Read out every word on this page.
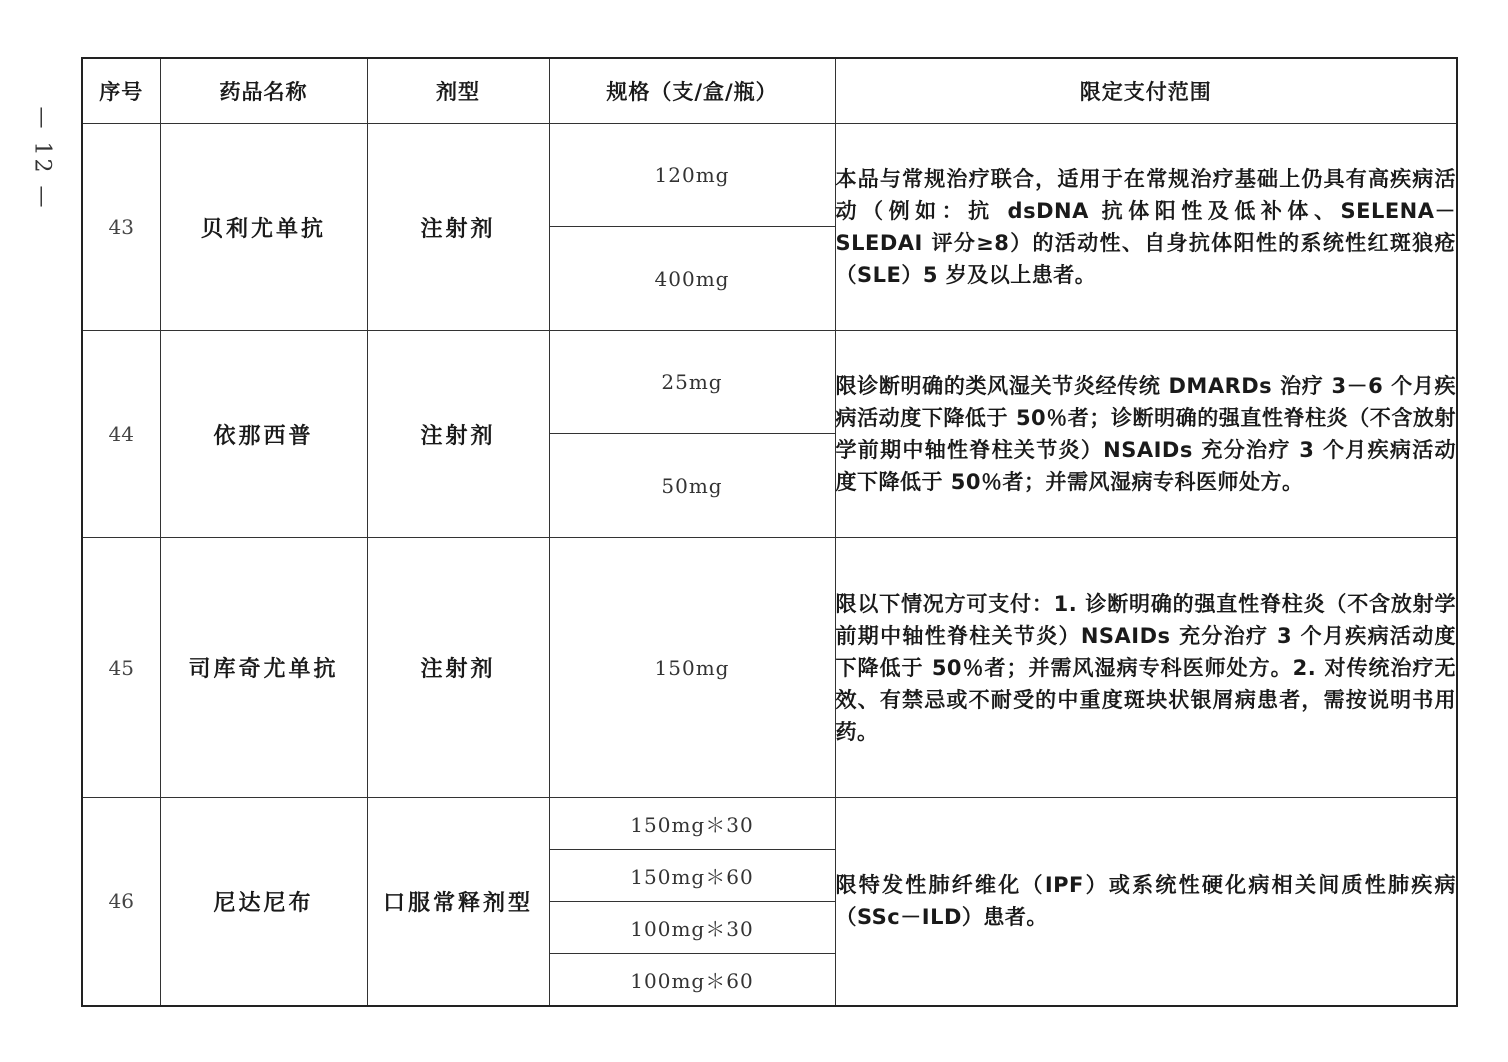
— 12 —
序号	药品名称	剂型	规格（支/盒/瓶）	限定支付范围
43	贝利尤单抗	注射剂	120mg	本品与常规治疗联合，适用于在常规治疗基础上仍具有高疾病活动（例如：抗 dsDNA 抗体阳性及低补体、SELENA－SLEDAI 评分≥8）的活动性、自身抗体阳性的系统性红斑狼疮（SLE）5 岁及以上患者。
			400mg	
44	依那西普	注射剂	25mg	限诊断明确的类风湿关节炎经传统 DMARDs 治疗 3－6 个月疾病活动度下降低于 50％者；诊断明确的强直性脊柱炎（不含放射学前期中轴性脊柱关节炎）NSAIDs 充分治疗 3 个月疾病活动度下降低于 50％者；并需风湿病专科医师处方。
			50mg	
45	司库奇尤单抗	注射剂	150mg	限以下情况方可支付：1. 诊断明确的强直性脊柱炎（不含放射学前期中轴性脊柱关节炎）NSAIDs 充分治疗 3 个月疾病活动度下降低于 50％者；并需风湿病专科医师处方。2. 对传统治疗无效、有禁忌或不耐受的中重度斑块状银屑病患者，需按说明书用药。
46	尼达尼布	口服常释剂型	150mg＊30	限特发性肺纤维化（IPF）或系统性硬化病相关间质性肺疾病（SSc－ILD）患者。
			150mg＊60	
			100mg＊30	
			100mg＊60	
